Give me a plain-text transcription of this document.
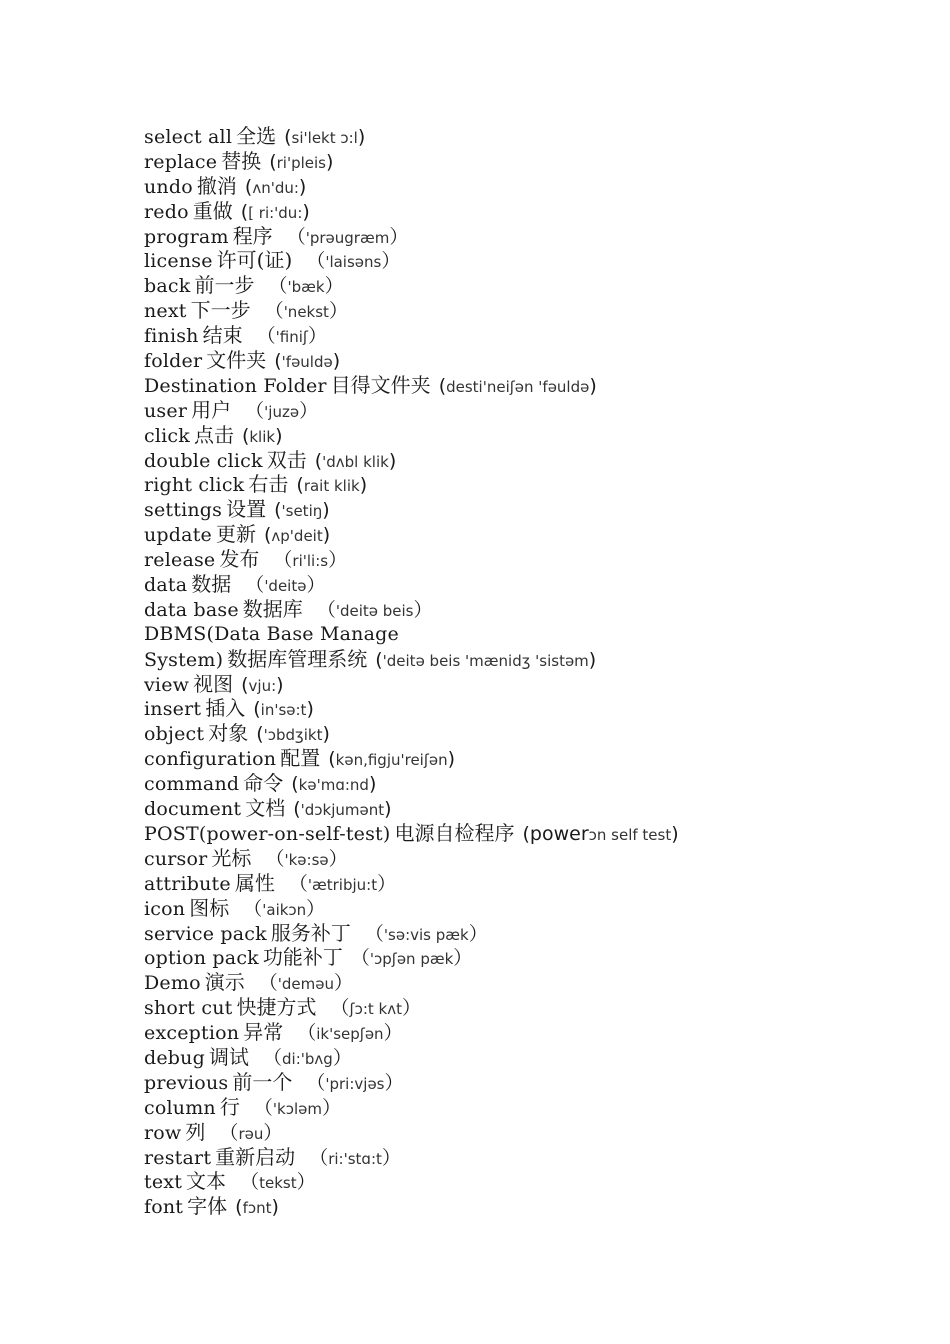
select all 全选 (si'lekt ɔ:l)
replace 替换 (ri'pleis)
undo 撤消 (ʌn'du:)
redo 重做 ([ ri:'du:)
program 程序 （'prəugræm）
license 许可(证) （'laisəns）
back 前一步 （'bæk）
next 下一步 （'nekst）
finish 结束 （'finiʃ）
folder 文件夹 ('fəuldə)
Destination Folder 目得文件夹 (desti'neiʃən 'fəuldə)
user 用户 （'juzə）
click 点击 (klik)
double click 双击 ('dʌbl klik)
right click 右击 (rait klik)
settings 设置 ('setiŋ)
update 更新 (ʌp'deit)
release 发布 （ri'li:s）
data 数据 （'deitə）
data base 数据库 （'deitə beis）
DBMS(Data Base Manage
System) 数据库管理系统 ('deitə beis 'mænidʒ 'sistəm)
view 视图 (vju:)
insert 插入 (in'sə:t)
object 对象 ('ɔbdʒikt)
configuration 配置 (kən,figju'reiʃən)
command 命令 (kə'mɑ:nd)
document 文档 ('dɔkjumənt)
POST(power-on-self-test) 电源自检程序 (powerɔn self test)
cursor 光标 （'kə:sə）
attribute 属性 （'ætribju:t）
icon 图标 （'aikɔn）
service pack 服务补丁 （'sə:vis pæk）
option pack 功能补丁 （'ɔpʃən pæk）
Demo 演示 （'deməu）
short cut 快捷方式 （ʃɔ:t kʌt）
exception 异常 （ik'sepʃən）
debug 调试 （di:'bʌg）
previous 前一个 （'pri:vjəs）
column 行 （'kɔləm）
row 列 （rəu）
restart 重新启动 （ri:'stɑ:t）
text 文本 （tekst）
font 字体 (fɔnt)
